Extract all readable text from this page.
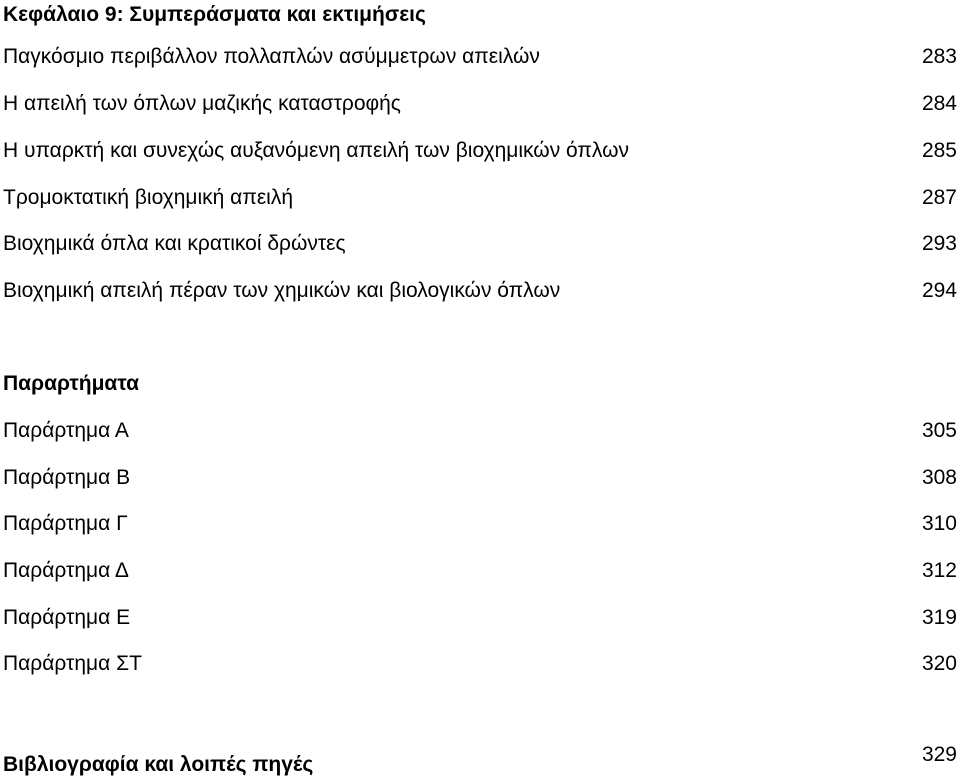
Κεφάλαιο 9: Συμπεράσματα και εκτιμήσεις
Παγκόσμιο περιβάλλον πολλαπλών ασύμμετρων απειλών	283
Η απειλή των όπλων μαζικής καταστροφής	284
Η υπαρκτή και συνεχώς αυξανόμενη απειλή των βιοχημικών όπλων	285
Τρομοκτατική βιοχημική απειλή	287
Βιοχημικά όπλα και κρατικοί δρώντες	293
Βιοχημική απειλή πέραν των χημικών και βιολογικών όπλων	294
Παραρτήματα
Παράρτημα Α	305
Παράρτημα Β	308
Παράρτημα Γ	310
Παράρτημα Δ	312
Παράρτημα Ε	319
Παράρτημα ΣΤ	320
Βιβλιογραφία και λοιπές πηγές	329
